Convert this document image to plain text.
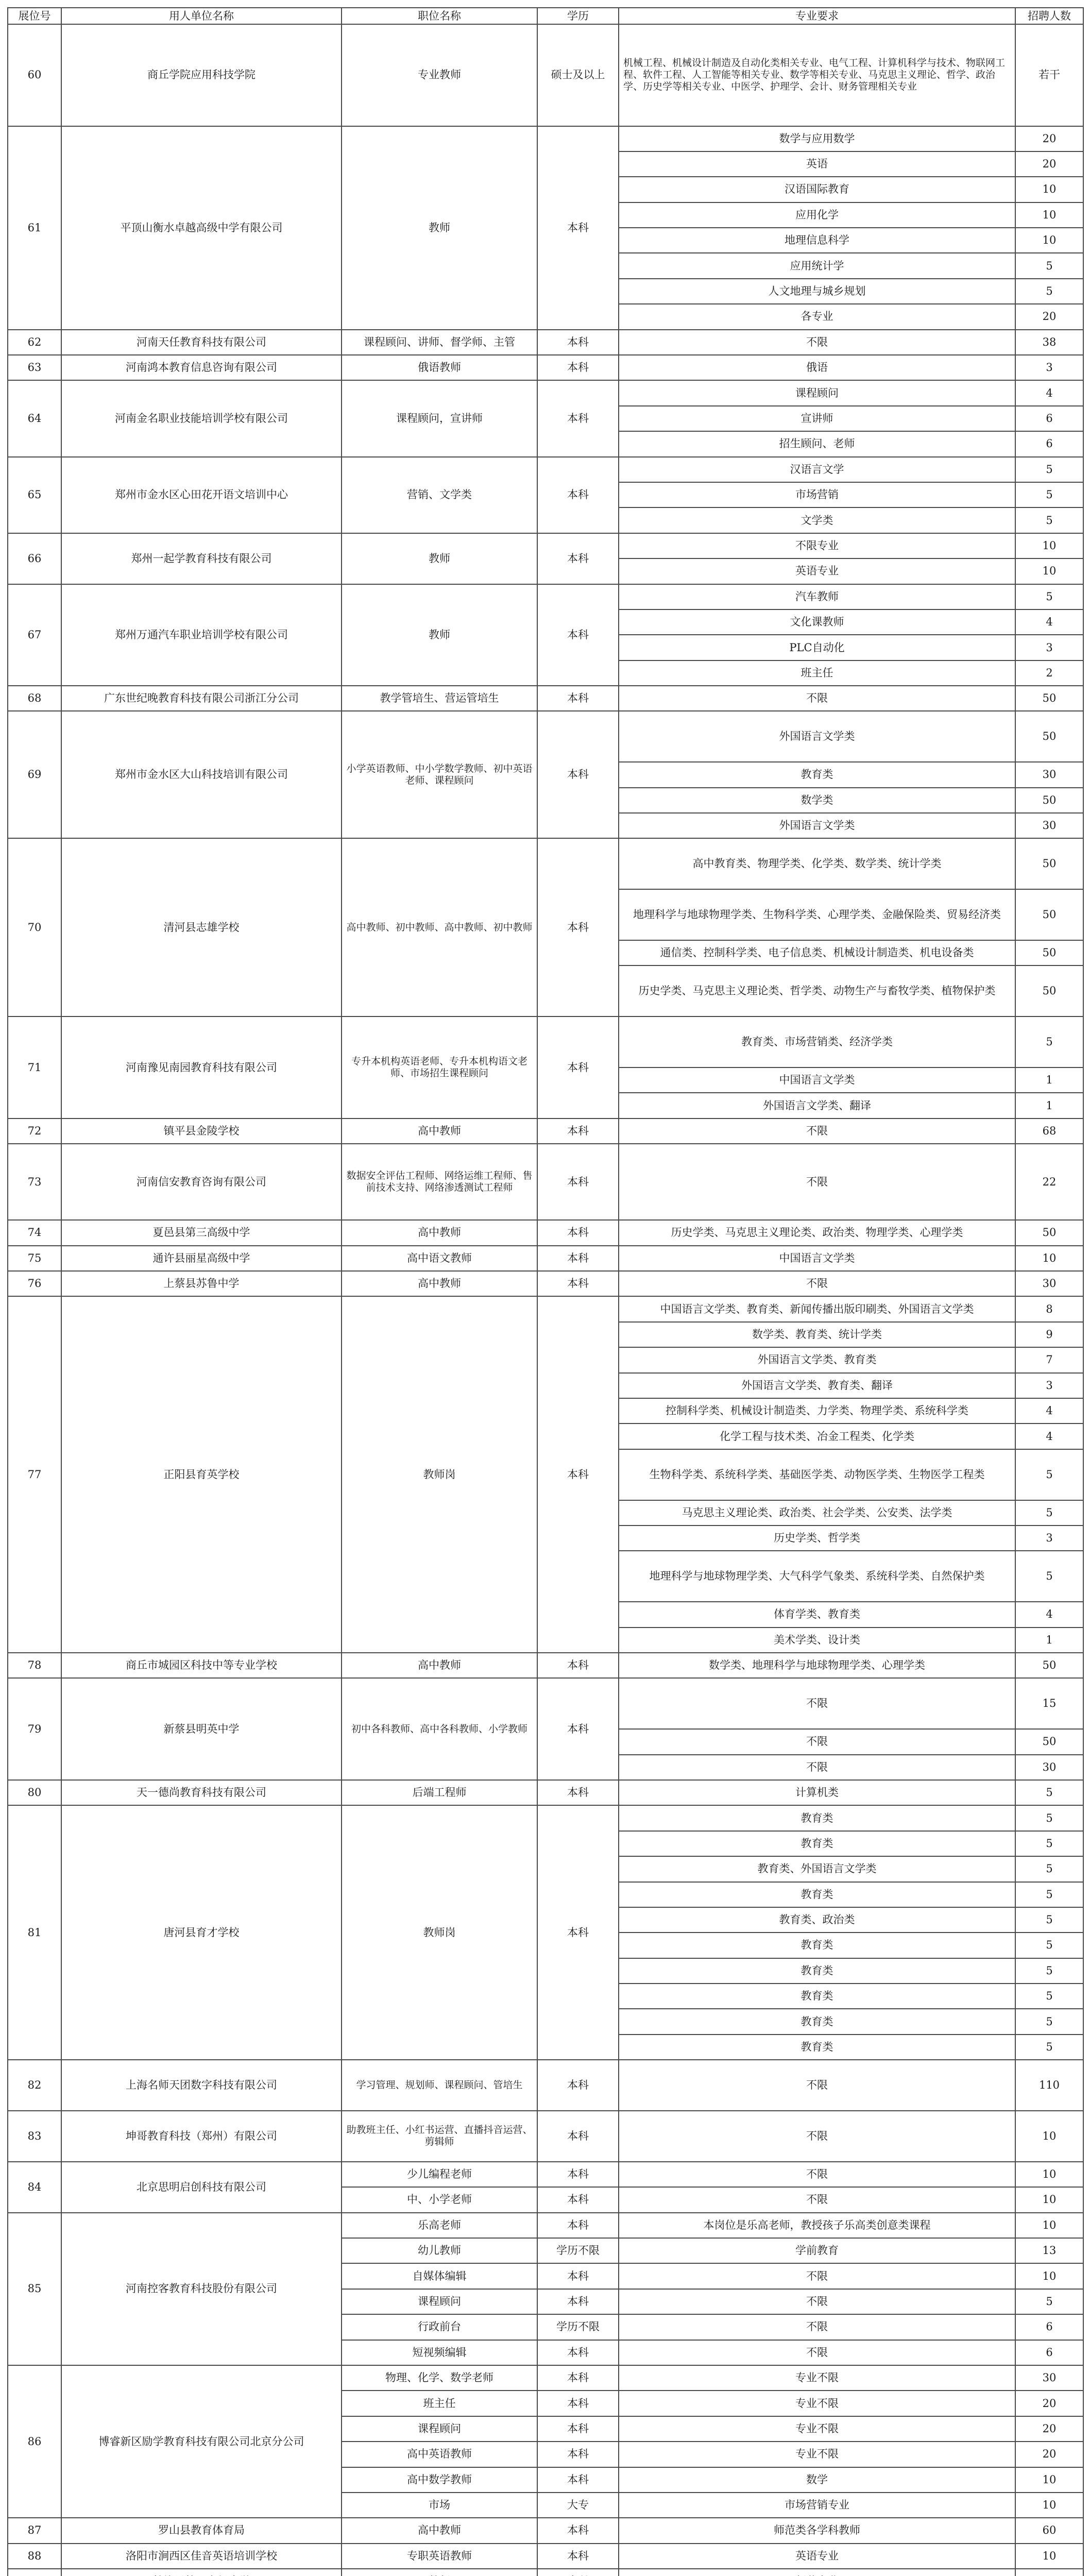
展位号	用人单位名称	职位名称	学历	专业要求	招聘人数
60	商丘学院应用科技学院	专业教师	硕士及以上	机械工程、机械设计制造及自动化类相关专业、电气工程、计算机科学与技术、物联网工程、软件工程、人工智能等相关专业、数学等相关专业、马克思主义理论、哲学、政治学、历史学等相关专业、中医学、护理学、会计、财务管理相关专业	若干
61	平顶山衡水卓越高级中学有限公司	教师	本科	数学与应用数学	20
				英语	20
				汉语国际教育	10
				应用化学	10
				地理信息科学	10
				应用统计学	5
				人文地理与城乡规划	5
				各专业	20
62	河南天任教育科技有限公司	课程顾问、讲师、督学师、主管	本科	不限	38
63	河南鸿本教育信息咨询有限公司	俄语教师	本科	俄语	3
64	河南金名职业技能培训学校有限公司	课程顾问，宣讲师	本科	课程顾问	4
				宣讲师	6
				招生顾问、老师	6
65	郑州市金水区心田花开语文培训中心	营销、文学类	本科	汉语言文学	5
				市场营销	5
				文学类	5
66	郑州一起学教育科技有限公司	教师	本科	不限专业	10
				英语专业	10
67	郑州万通汽车职业培训学校有限公司	教师	本科	汽车教师	5
				文化课教师	4
				PLC自动化	3
				班主任	2
68	广东世纪晚教育科技有限公司浙江分公司	教学管培生、营运管培生	本科	不限	50
69	郑州市金水区大山科技培训有限公司	小学英语教师、中小学数学教师、初中英语老师、课程顾问	本科	外国语言文学类	50
				教育类	30
				数学类	50
				外国语言文学类	30
70	清河县志雄学校	高中教师、初中教师、高中教师、初中教师	本科	高中教育类、物理学类、化学类、数学类、统计学类	50
				地理科学与地球物理学类、生物科学类、心理学类、金融保险类、贸易经济类	50
				通信类、控制科学类、电子信息类、机械设计制造类、机电设备类	50
				历史学类、马克思主义理论类、哲学类、动物生产与畜牧学类、植物保护类	50
71	河南豫见南园教育科技有限公司	专升本机构英语老师、专升本机构语文老师、市场招生课程顾问	本科	教育类、市场营销类、经济学类	5
				中国语言文学类	1
				外国语言文学类、翻译	1
72	镇平县金陵学校	高中教师	本科	不限	68
73	河南信安教育咨询有限公司	数据安全评估工程师、网络运维工程师、售前技术支持、网络渗透测试工程师	本科	不限	22
74	夏邑县第三高级中学	高中教师	本科	历史学类、马克思主义理论类、政治类、物理学类、心理学类	50
75	通许县丽星高级中学	高中语文教师	本科	中国语言文学类	10
76	上蔡县苏鲁中学	高中教师	本科	不限	30
77	正阳县育英学校	教师岗	本科	中国语言文学类、教育类、新闻传播出版印刷类、外国语言文学类	8
				数学类、教育类、统计学类	9
				外国语言文学类、教育类	7
				外国语言文学类、教育类、翻译	3
				控制科学类、机械设计制造类、力学类、物理学类、系统科学类	4
				化学工程与技术类、冶金工程类、化学类	4
				生物科学类、系统科学类、基础医学类、动物医学类、生物医学工程类	5
				马克思主义理论类、政治类、社会学类、公安类、法学类	5
				历史学类、哲学类	3
				地理科学与地球物理学类、大气科学气象类、系统科学类、自然保护类	5
				体育学类、教育类	4
				美术学类、设计类	1
78	商丘市城园区科技中等专业学校	高中教师	本科	数学类、地理科学与地球物理学类、心理学类	50
79	新蔡县明英中学	初中各科教师、高中各科教师、小学教师	本科	不限	15
				不限	50
				不限	30
80	天一德尚教育科技有限公司	后端工程师	本科	计算机类	5
81	唐河县育才学校	教师岗	本科	教育类	5
				教育类	5
				教育类、外国语言文学类	5
				教育类	5
				教育类、政治类	5
				教育类	5
				教育类	5
				教育类	5
				教育类	5
				教育类	5
82	上海名师天团数字科技有限公司	学习管理、规划师、课程顾问、管培生	本科	不限	110
83	坤哥教育科技（郑州）有限公司	助教班主任、小红书运营、直播抖音运营、剪辑师	本科	不限	10
84	北京思明启创科技有限公司	少儿编程老师	本科	不限	10
		中、小学老师	本科	不限	10
85	河南控客教育科技股份有限公司	乐高老师	本科	本岗位是乐高老师，教授孩子乐高类创意类课程	10
		幼儿教师	学历不限	学前教育	13
		自媒体编辑	本科	不限	10
		课程顾问	本科	不限	5
		行政前台	学历不限	不限	6
		短视频编辑	本科	不限	6
86	博睿新区励学教育科技有限公司北京分公司	物理、化学、数学老师	本科	专业不限	30
		班主任	本科	专业不限	20
		课程顾问	本科	专业不限	20
		高中英语教师	本科	专业不限	20
		高中数学教师	本科	数学	10
		市场	大专	市场营销专业	10
87	罗山县教育体育局	高中教师	本科	师范类各学科教师	60
88	洛阳市涧西区佳音英语培训学校	专职英语教师	本科	英语专业	10
